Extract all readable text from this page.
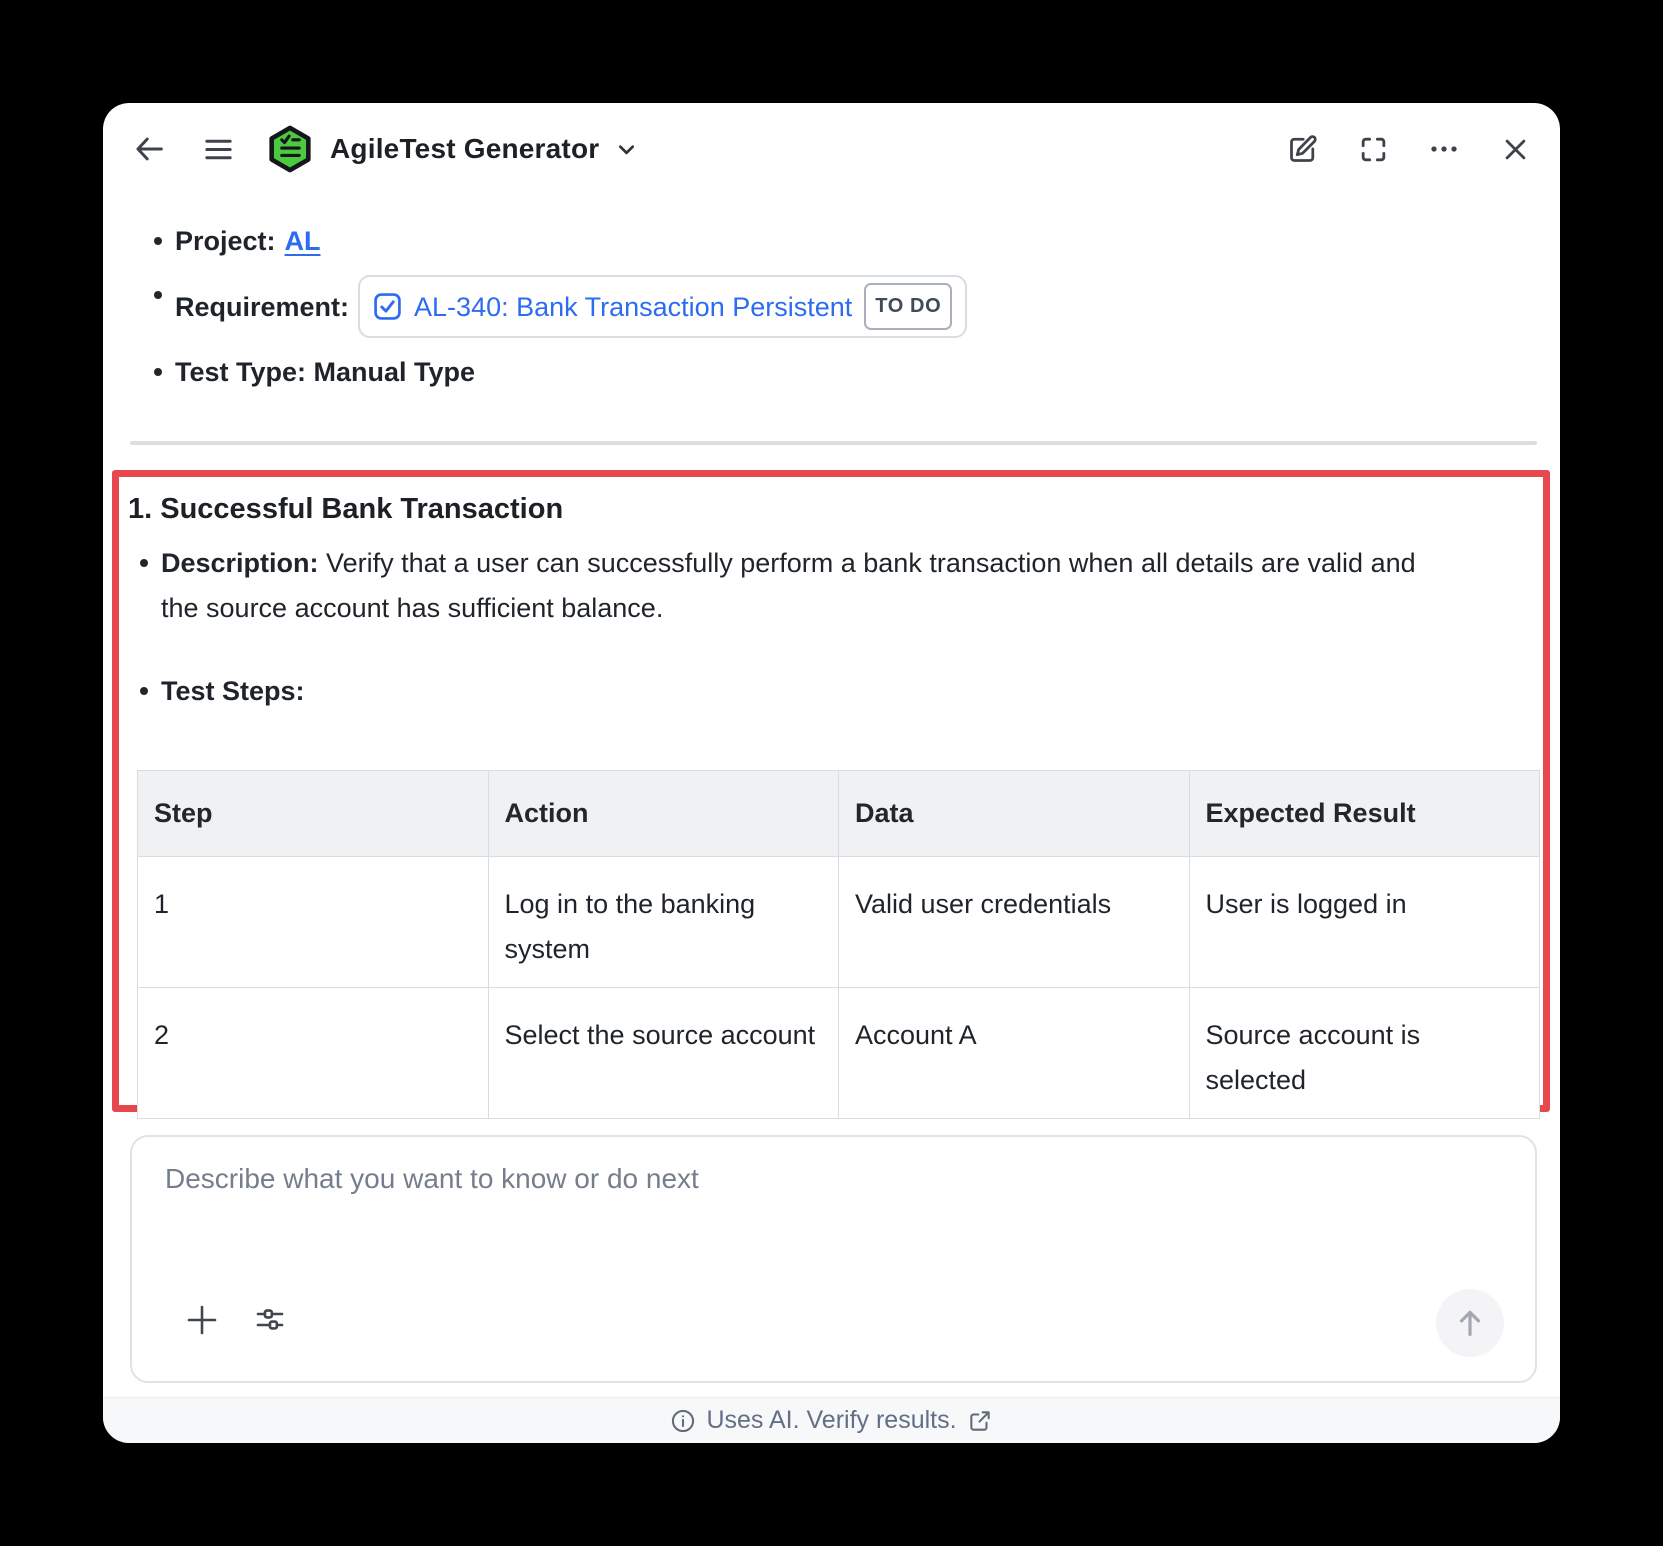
AgileTest Generator
Project: AL
Requirement: AL-340: Bank Transaction Persistent	TO DO
Test Type: Manual Type
1. Successful Bank Transaction
Description: Verify that a user can successfully perform a bank transaction when all details are valid and the source account has sufficient balance.
Test Steps:
Step	Action	Data	Expected Result
1	Log in to the banking system	Valid user credentials	User is logged in
2	Select the source account	Account A	Source account is selected
Describe what you want to know or do next
Uses AI. Verify results.
